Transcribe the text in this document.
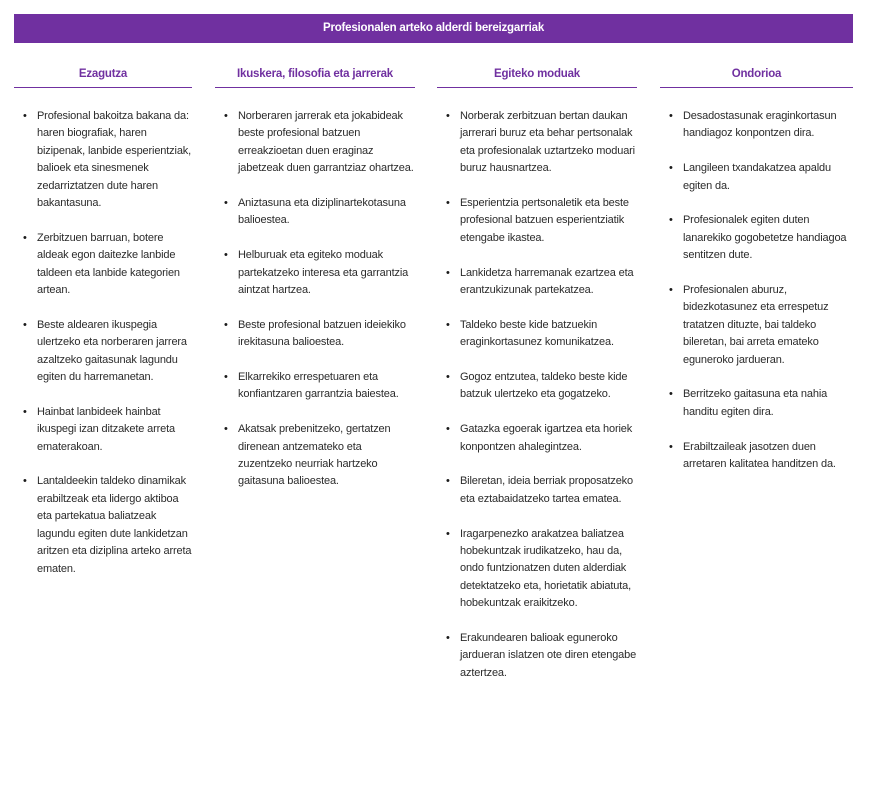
Profesionalen arteko alderdi bereizgarriak
Ezagutza
• Profesional bakoitza bakana da: haren biografiak, haren bizipenak, lanbide esperientziak, balioek eta sinesmenek zedarriztatzen dute haren bakantasuna.
• Zerbitzuen barruan, botere aldeak egon daitezke lanbide taldeen eta lanbide kategorien artean.
• Beste aldearen ikuspegia ulertzeko eta norberaren jarrera azaltzeko gaitasunak lagundu egiten du harremanetan.
• Hainbat lanbideek hainbat ikuspegi izan ditzakete arreta ematerakoan.
• Lantaldeekin taldeko dinamikak erabiltzeak eta lidergo aktiboa eta partekatua baliatzeak lagundu egiten dute lankidetzan aritzen eta diziplina arteko arreta ematen.
Ikuskera, filosofia eta jarrerak
• Norberaren jarrerak eta jokabideak beste profesional batzuen erreakzioetan duen eraginaz jabetzeak duen garrantziaz ohartzea.
• Aniztasuna eta diziplinartekotasuna balioestea.
• Helburuak eta egiteko moduak partekatzeko interesa eta garrantzia aintzat hartzea.
• Beste profesional batzuen ideiekiko irekitasuna balioestea.
• Elkarrekiko errespetuaren eta konfiantzaren garrantzia baiestea.
• Akatsak prebenitzeko, gertatzen direnean antzemateko eta zuzentzeko neurriak hartzeko gaitasuna balioestea.
Egiteko moduak
• Norberak zerbitzuan bertan daukan jarrerari buruz eta behar pertsonalak eta profesionalak uztartzeko moduari buruz hausnartzea.
• Esperientzia pertsonaletik eta beste profesional batzuen esperientziatik etengabe ikastea.
• Lankidetza harremanak ezartzea eta erantzukizunak partekatzea.
• Taldeko beste kide batzuekin eraginkortasunez komunikatzea.
• Gogoz entzutea, taldeko beste kide batzuk ulertzeko eta gogatzeko.
• Gatazka egoerak igartzea eta horiek konpontzen ahalegintzea.
• Bileretan, ideia berriak proposatzeko eta eztabaidatzeko tartea ematea.
• Iragarpenezko arakatzea baliatzea hobekuntzak irudikatzeko, hau da, ondo funtzionatzen duten alderdiak detektatzeko eta, horietatik abiatuta, hobekuntzak eraikitzeko.
• Erakundearen balioak eguneroko jardueran islatzen ote diren etengabe aztertzea.
Ondorioa
• Desadostasunak eraginkortasun handiagoz konpontzen dira.
• Langileen txandakatzea apaldu egiten da.
• Profesionalek egiten duten lanarekiko gogobetetze handiagoa sentitzen dute.
• Profesionalen aburuz, bidezkotasunez eta errespetuz tratatzen dituzte, bai taldeko bileretan, bai arreta emateko eguneroko jardueran.
• Berritzeko gaitasuna eta nahia handitu egiten dira.
• Erabiltzaileak jasotzen duen arretaren kalitatea handitzen da.
